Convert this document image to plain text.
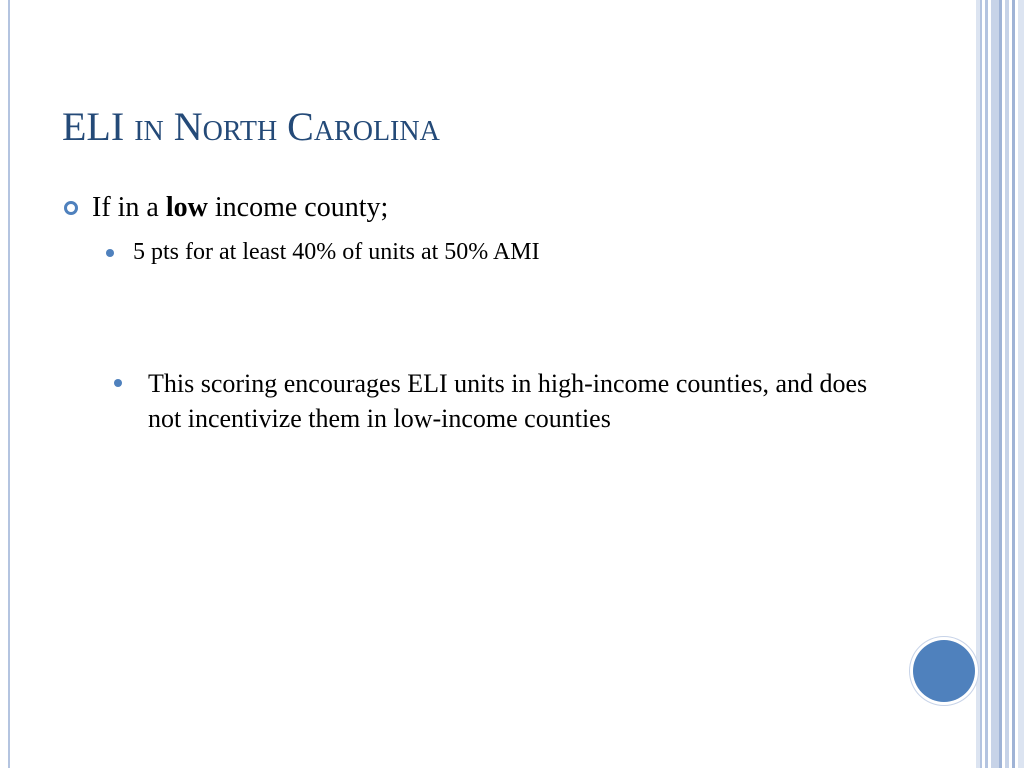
ELI in North Carolina
If in a low income county;
5 pts for at least 40% of units at 50% AMI
This scoring encourages ELI units in high-income counties, and does not incentivize them in low-income counties
